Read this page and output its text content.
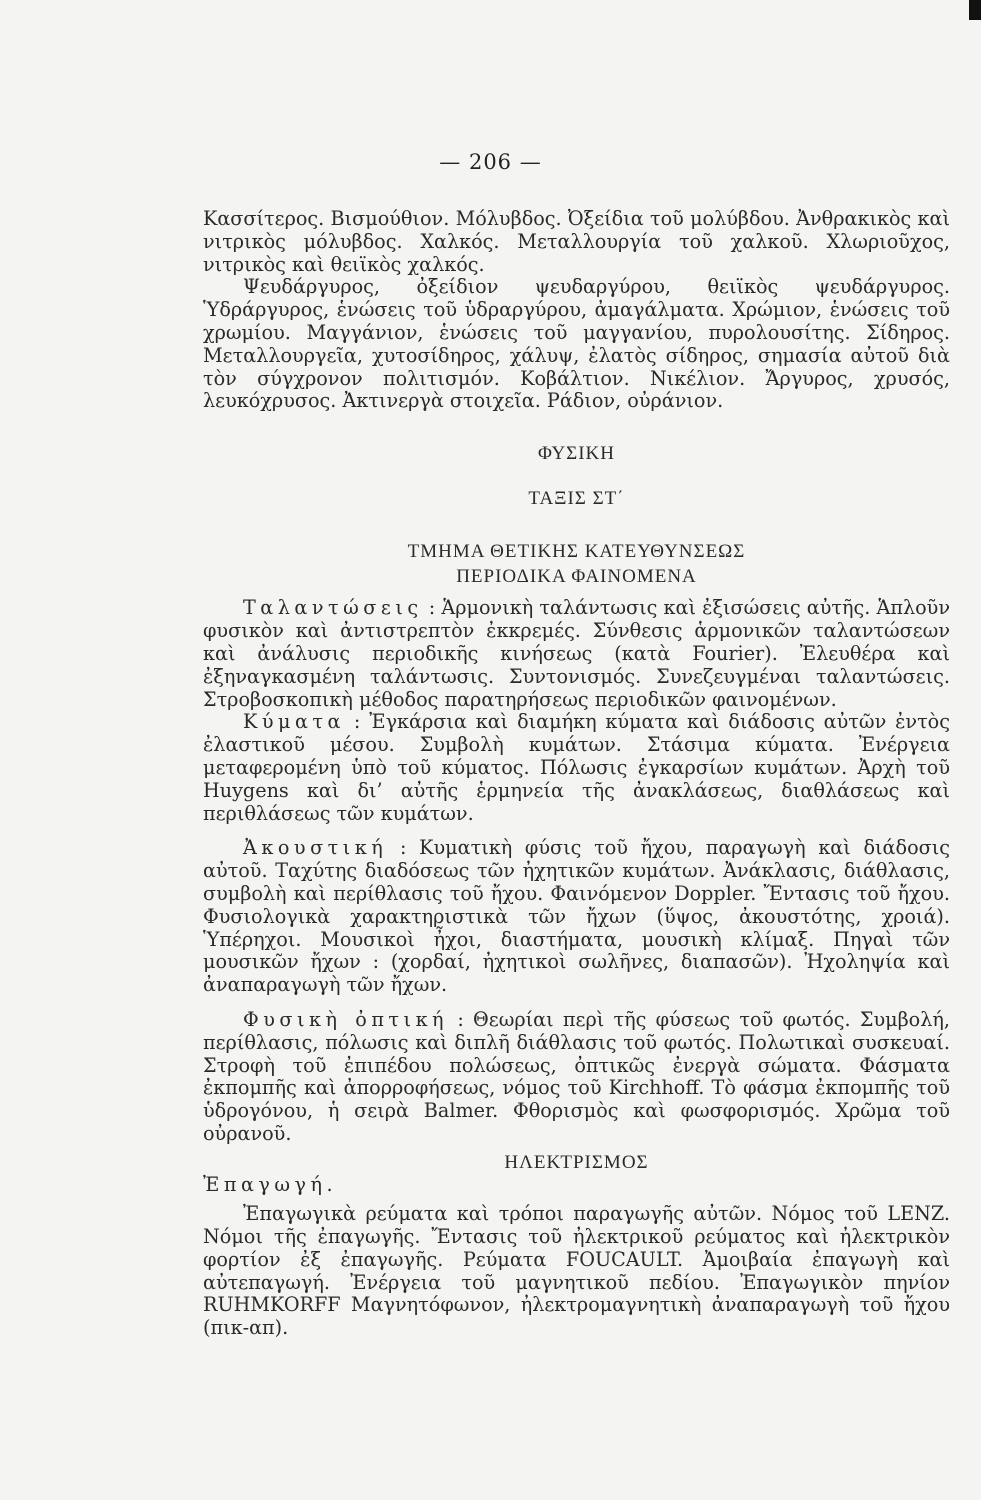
— 206 —

Κασσίτερος. Βισμούθιον. Μόλυβδος. Ὀξείδια τοῦ μολύβδου. Ἀνθρακικὸς καὶ νιτρικὸς μόλυβδος. Χαλκός. Μεταλλουργία τοῦ χαλκοῦ. Χλωριοῦχος, νιτρικὸς καὶ θειϊκὸς χαλκός.

Ψευδάργυρος, ὀξείδιον ψευδαργύρου, θειϊκὸς ψευδάργυρος. Ὑδράργυρος, ἑνώσεις τοῦ ὑδραργύρου, ἀμαγάλματα. Χρώμιον, ἑνώσεις τοῦ χρωμίου. Μαγγάνιον, ἑνώσεις τοῦ μαγγανίου, πυρολουσίτης. Σίδηρος. Μεταλλουργεῖα, χυτοσίδηρος, χάλυψ, ἐλατὸς σίδηρος, σημασία αὐτοῦ διὰ τὸν σύγχρονον πολιτισμόν. Κοβάλτιον. Νικέλιον. Ἄργυρος, χρυσός, λευκόχρυσος. Ἀκτινεργὰ στοιχεῖα. Ράδιον, οὐράνιον.

ΦΥΣΙΚΗ

ΤΑΞΙΣ ΣΤ΄

ΤΜΗΜΑ ΘΕΤΙΚΗΣ ΚΑΤΕΥΘΥΝΣΕΩΣ

ΠΕΡΙΟΔΙΚΑ ΦΑΙΝΟΜΕΝΑ

Ταλαντώσεις : Ἁρμονικὴ ταλάντωσις καὶ ἐξισώσεις αὐτῆς. Ἁπλοῦν φυσικὸν καὶ ἀντιστρεπτὸν ἐκκρεμές. Σύνθεσις ἁρμονικῶν ταλαντώσεων καὶ ἀνάλυσις περιοδικῆς κινήσεως (κατὰ Fourier). Ἐλευθέρα καὶ ἐξηναγκασμένη ταλάντωσις. Συντονισμός. Συνεζευγμέναι ταλαντώσεις. Στροβοσκοπικὴ μέθοδος παρατηρήσεως περιοδικῶν φαινομένων.

Κύματα : Ἐγκάρσια καὶ διαμήκη κύματα καὶ διάδοσις αὐτῶν ἐντὸς ἐλαστικοῦ μέσου. Συμβολὴ κυμάτων. Στάσιμα κύματα. Ἐνέργεια μεταφερομένη ὑπὸ τοῦ κύματος. Πόλωσις ἐγκαρσίων κυμάτων. Ἀρχὴ τοῦ Huygens καὶ δι’ αὐτῆς ἑρμηνεία τῆς ἀνακλάσεως, διαθλάσεως καὶ περιθλάσεως τῶν κυμάτων.

Ἀκουστική : Κυματικὴ φύσις τοῦ ἤχου, παραγωγὴ καὶ διάδοσις αὐτοῦ. Ταχύτης διαδόσεως τῶν ἠχητικῶν κυμάτων. Ἀνάκλασις, διάθλασις, συμβολὴ καὶ περίθλασις τοῦ ἤχου. Φαινόμενον Doppler. Ἔντασις τοῦ ἤχου. Φυσιολογικὰ χαρακτηριστικὰ τῶν ἤχων (ὕψος, ἀκουστότης, χροιά). Ὑπέρηχοι. Μουσικοὶ ἦχοι, διαστήματα, μουσικὴ κλίμαξ. Πηγαὶ τῶν μουσικῶν ἤχων : (χορδαί, ἠχητικοὶ σωλῆνες, διαπασῶν). Ἠχοληψία καὶ ἀναπαραγωγὴ τῶν ἤχων.

Φυσικὴ ὀπτική : Θεωρίαι περὶ τῆς φύσεως τοῦ φωτός. Συμβολή, περίθλασις, πόλωσις καὶ διπλῆ διάθλασις τοῦ φωτός. Πολωτικαὶ συσκευαί. Στροφὴ τοῦ ἐπιπέδου πολώσεως, ὀπτικῶς ἐνεργὰ σώματα. Φάσματα ἐκπομπῆς καὶ ἀπορροφήσεως, νόμος τοῦ Kirchhoff. Τὸ φάσμα ἐκπομπῆς τοῦ ὑδρογόνου, ἡ σειρὰ Balmer. Φθορισμὸς καὶ φωσφορισμός. Χρῶμα τοῦ οὐρανοῦ.

ΗΛΕΚΤΡΙΣΜΟΣ

Ἐπαγωγή.

Ἐπαγωγικὰ ρεύματα καὶ τρόποι παραγωγῆς αὐτῶν. Νόμος τοῦ LENZ. Νόμοι τῆς ἐπαγωγῆς. Ἔντασις τοῦ ἠλεκτρικοῦ ρεύματος καὶ ἠλεκτρικὸν φορτίον ἐξ ἐπαγωγῆς. Ρεύματα FOUCAULT. Ἀμοιβαία ἐπαγωγὴ καὶ αὐτεπαγωγή. Ἐνέργεια τοῦ μαγνητικοῦ πεδίου. Ἐπαγωγικὸν πηνίον RUHMKORFF Μαγνητόφωνον, ἠλεκτρομαγνητικὴ ἀναπαραγωγὴ τοῦ ἤχου (πικ-απ).
